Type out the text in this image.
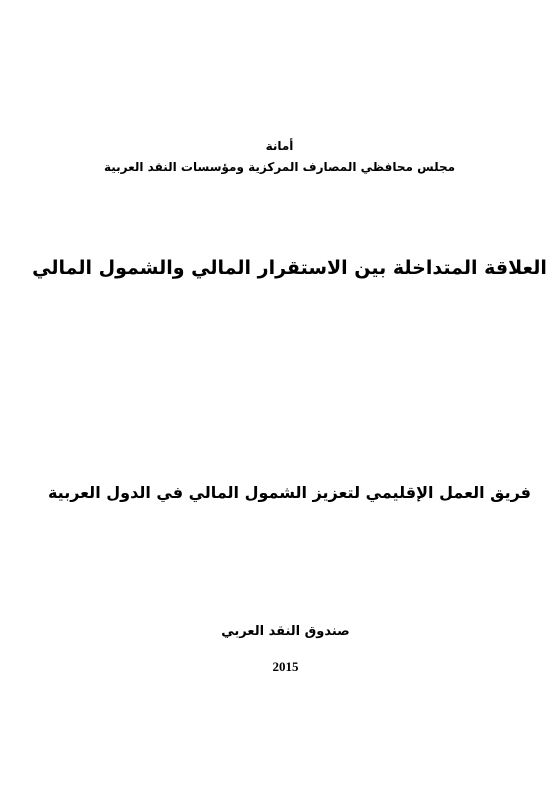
أمانة
مجلس محافظي المصارف المركزية ومؤسسات النقد العربية
العلاقة المتداخلة بين الاستقرار المالي والشمول المالي
فريق العمل الإقليمي لتعزيز الشمول المالي في الدول العربية
صندوق النقد العربي
2015
